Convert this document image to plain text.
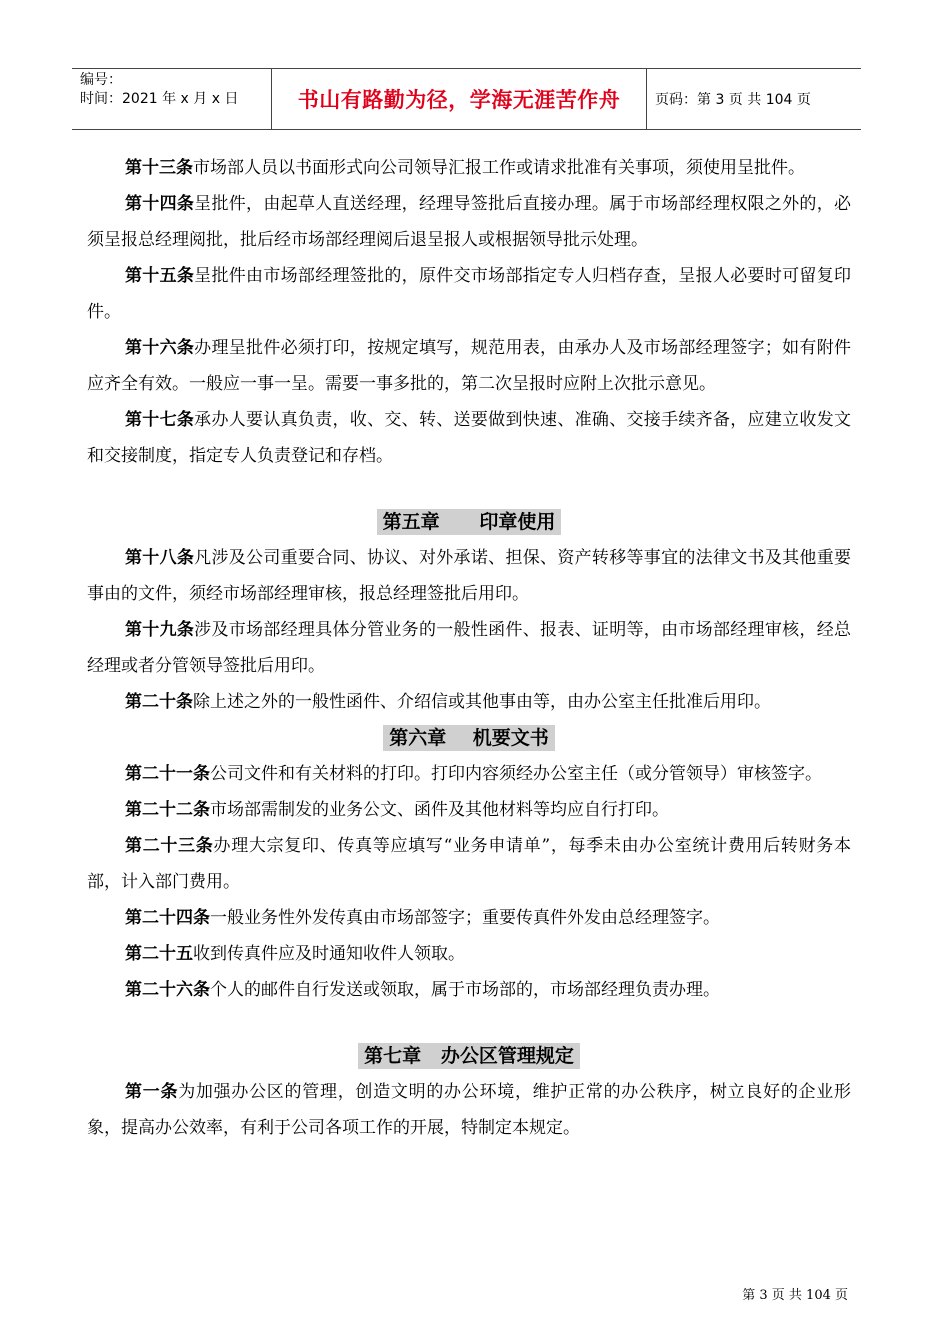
编号：
时间：2021 年 x 月 x 日	书山有路勤为径，学海无涯苦作舟	页码：第 3 页 共 104 页

第十三条市场部人员以书面形式向公司领导汇报工作或请求批准有关事项，须使用呈批件。

第十四条呈批件，由起草人直送经理，经理导签批后直接办理。属于市场部经理权限之外的，必须呈报总经理阅批，批后经市场部经理阅后退呈报人或根据领导批示处理。

第十五条呈批件由市场部经理签批的，原件交市场部指定专人归档存查，呈报人必要时可留复印件。

第十六条办理呈批件必须打印，按规定填写，规范用表，由承办人及市场部经理签字；如有附件应齐全有效。一般应一事一呈。需要一事多批的，第二次呈报时应附上次批示意见。

第十七条承办人要认真负责，收、交、转、送要做到快速、准确、交接手续齐备，应建立收发文和交接制度，指定专人负责登记和存档。

第五章      印章使用

第十八条凡涉及公司重要合同、协议、对外承诺、担保、资产转移等事宜的法律文书及其他重要事由的文件，须经市场部经理审核，报总经理签批后用印。

第十九条涉及市场部经理具体分管业务的一般性函件、报表、证明等，由市场部经理审核，经总经理或者分管领导签批后用印。

第二十条除上述之外的一般性函件、介绍信或其他事由等，由办公室主任批准后用印。

第六章    机要文书

第二十一条公司文件和有关材料的打印。打印内容须经办公室主任（或分管领导）审核签字。

第二十二条市场部需制发的业务公文、函件及其他材料等均应自行打印。

第二十三条办理大宗复印、传真等应填写“业务申请单”，每季未由办公室统计费用后转财务本部，计入部门费用。

第二十四条一般业务性外发传真由市场部签字；重要传真件外发由总经理签字。

第二十五收到传真件应及时通知收件人领取。

第二十六条个人的邮件自行发送或领取，属于市场部的，市场部经理负责办理。

第七章   办公区管理规定

第一条为加强办公区的管理，创造文明的办公环境，维护正常的办公秩序，树立良好的企业形象，提高办公效率，有利于公司各项工作的开展，特制定本规定。

第 3 页 共 104 页
